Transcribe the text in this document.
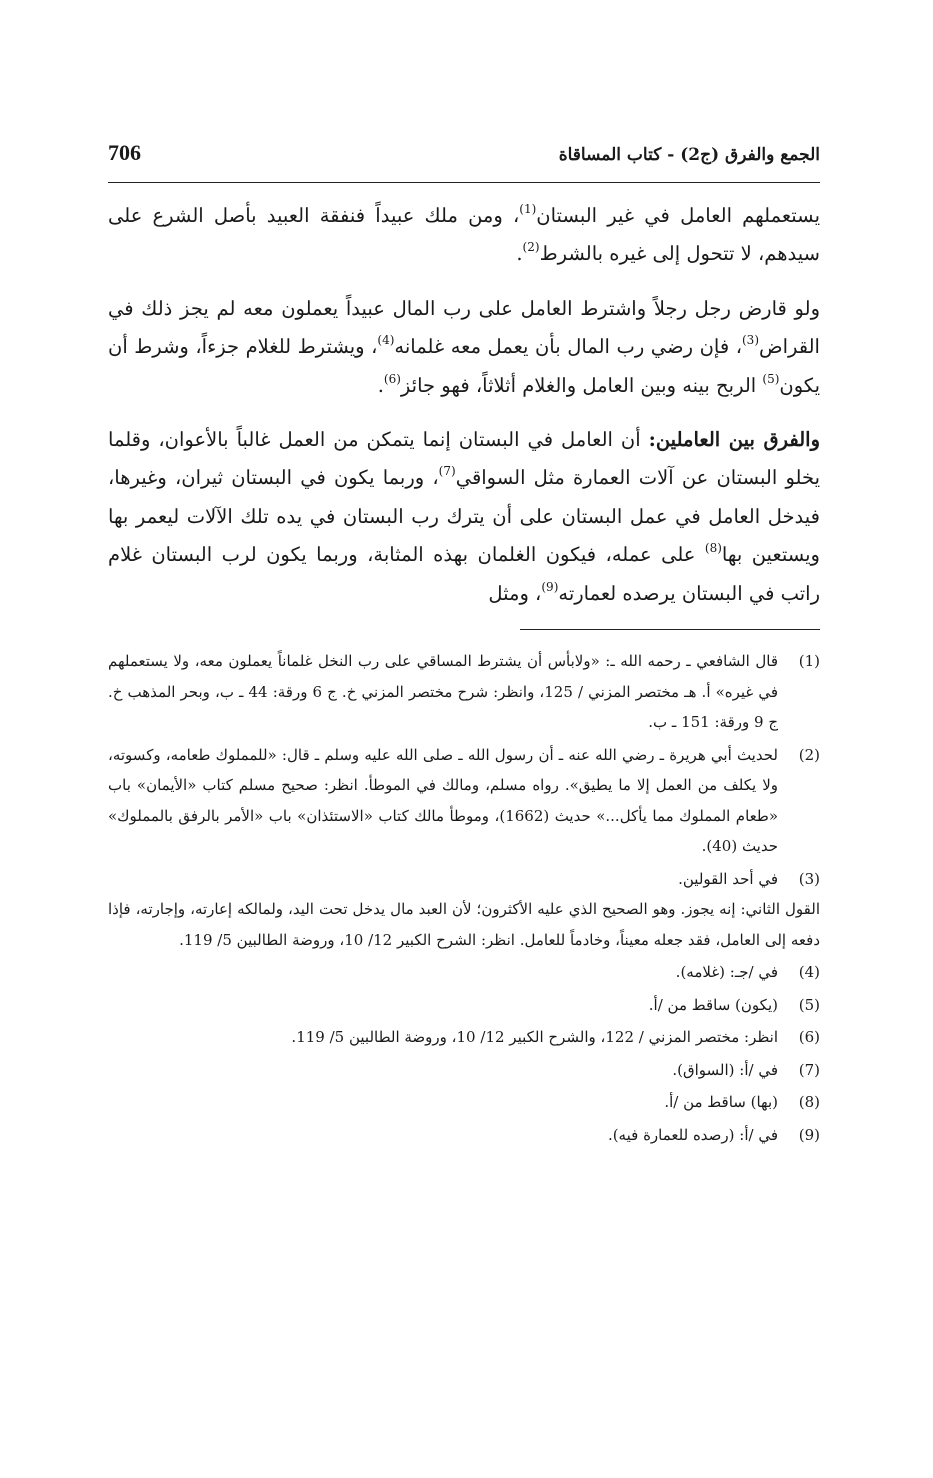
الجمع والفرق (ج2) - كتاب المساقاة
706

يستعملهم العامل في غير البستان$^{(1)}$، ومن ملك عبيداً فنفقة العبيد بأصل الشرع على سيدهم، لا تتحول إلى غيره بالشرط$^{(2)}$.

ولو قارض رجل رجلاً واشترط العامل على رب المال عبيداً يعملون معه لم يجز ذلك في القراض$^{(3)}$، فإن رضي رب المال بأن يعمل معه غلمانه$^{(4)}$، ويشترط للغلام جزءاً، وشرط أن يكون$^{(5)}$ الربح بينه وبين العامل والغلام أثلاثاً، فهو جائز$^{(6)}$.

والفرق بين العاملين: أن العامل في البستان إنما يتمكن من العمل غالباً بالأعوان، وقلما يخلو البستان عن آلات العمارة مثل السواقي$^{(7)}$، وربما يكون في البستان ثيران، وغيرها، فيدخل العامل في عمل البستان على أن يترك رب البستان في يده تلك الآلات ليعمر بها ويستعين بها$^{(8)}$ على عمله، فيكون الغلمان بهذه المثابة، وربما يكون لرب البستان غلام راتب في البستان يرصده لعمارته$^{(9)}$، ومثل

(1)

قال الشافعي ـ رحمه الله ـ: «ولابأس أن يشترط المساقي على رب النخل غلماناً يعملون معه، ولا يستعملهم في غيره» أ. هـ مختصر المزني / 125، وانظر: شرح مختصر المزني خ. ج 6 ورقة: 44 ـ ب، وبحر المذهب خ. ج 9 ورقة: 151 ـ ب.

(2)

لحديث أبي هريرة ـ رضي الله عنه ـ أن رسول الله ـ صلى الله عليه وسلم ـ قال: «للمملوك طعامه، وكسوته، ولا يكلف من العمل إلا ما يطيق». رواه مسلم، ومالك في الموطأ. انظر: صحيح مسلم كتاب «الأيمان» باب «طعام المملوك مما يأكل...» حديث (1662)، وموطأ مالك كتاب «الاستئذان» باب «الأمر بالرفق بالمملوك» حديث (40).

(3)

في أحد القولين.

القول الثاني: إنه يجوز. وهو الصحيح الذي عليه الأكثرون؛ لأن العبد مال يدخل تحت اليد، ولمالكه إعارته، وإجارته، فإذا دفعه إلى العامل، فقد جعله معيناً، وخادماً للعامل. انظر: الشرح الكبير 12/ 10، وروضة الطالبين 5/ 119.

(4)

في /جـ: (غلامه).

(5)

(يكون) ساقط من /أ.

(6)

انظر: مختصر المزني / 122، والشرح الكبير 12/ 10، وروضة الطالبين 5/ 119.

(7)

في /أ: (السواق).

(8)

(بها) ساقط من /أ.

(9)

في /أ: (رصده للعمارة فيه).
